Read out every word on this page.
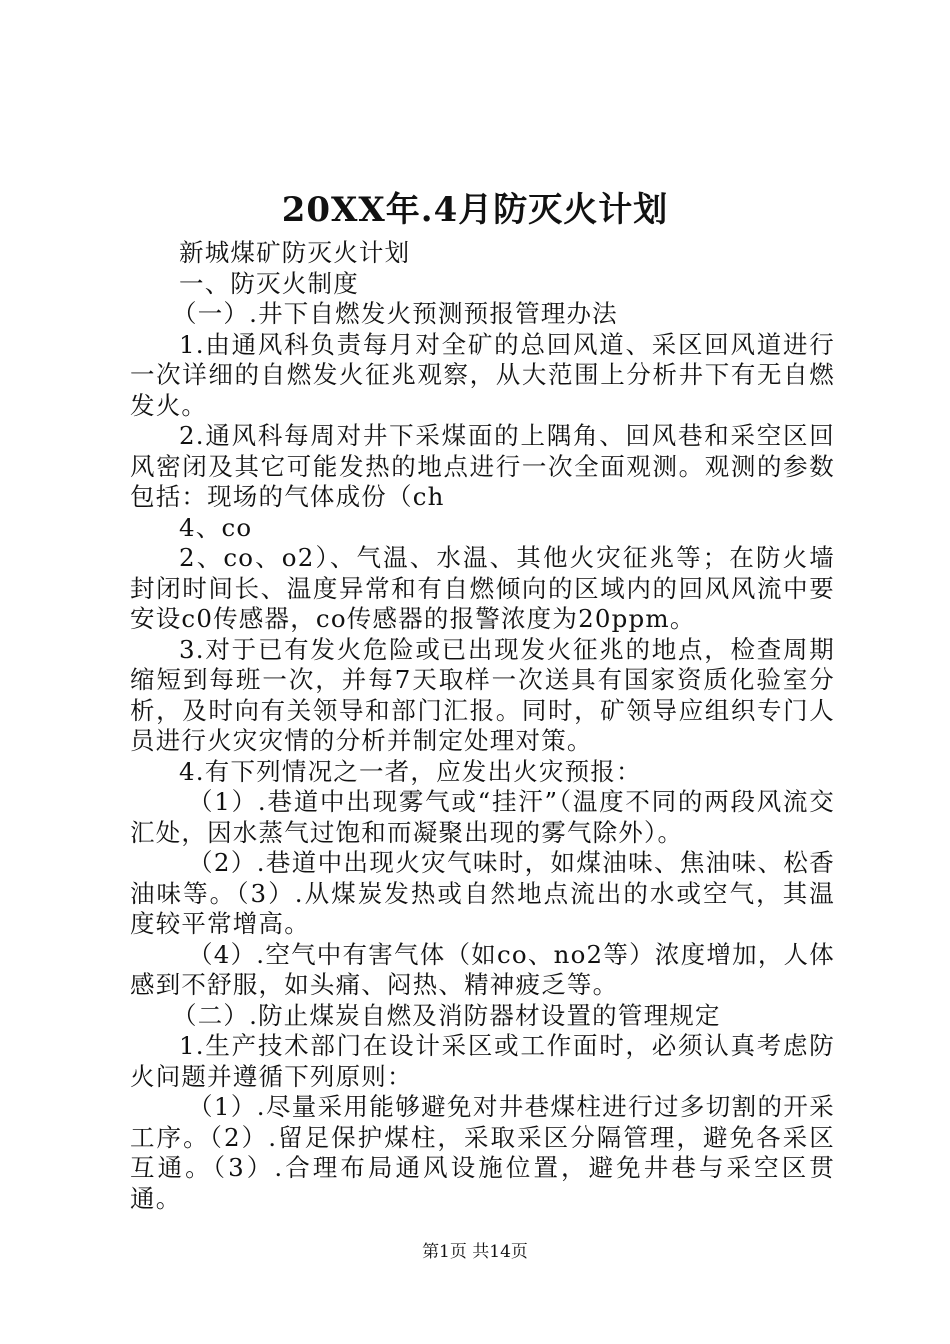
20XX年.4月防灭火计划

新城煤矿防灭火计划

一、防灭火制度

（一）.井下自燃发火预测预报管理办法

1.由通风科负责每月对全矿的总回风道、采区回风道进行一次详细的自燃发火征兆观察，从大范围上分析井下有无自燃发火。

2.通风科每周对井下采煤面的上隅角、回风巷和采空区回风密闭及其它可能发热的地点进行一次全面观测。观测的参数包括：现场的气体成份（ch

4、co

2、co、o2）、气温、水温、其他火灾征兆等；在防火墙封闭时间长、温度异常和有自燃倾向的区域内的回风风流中要安设c0传感器，co传感器的报警浓度为20ppm。

3.对于已有发火危险或已出现发火征兆的地点，检查周期缩短到每班一次，并每7天取样一次送具有国家资质化验室分析，及时向有关领导和部门汇报。同时，矿领导应组织专门人员进行火灾灾情的分析并制定处理对策。

4.有下列情况之一者，应发出火灾预报：

（1）.巷道中出现雾气或“挂汗”（温度不同的两段风流交汇处，因水蒸气过饱和而凝聚出现的雾气除外）。

（2）.巷道中出现火灾气味时，如煤油味、焦油味、松香油味等。（3）.从煤炭发热或自然地点流出的水或空气，其温度较平常增高。

（4）.空气中有害气体（如co、no2等）浓度增加，人体感到不舒服，如头痛、闷热、精神疲乏等。

（二）.防止煤炭自燃及消防器材设置的管理规定

1.生产技术部门在设计采区或工作面时，必须认真考虑防火问题并遵循下列原则：

（1）.尽量采用能够避免对井巷煤柱进行过多切割的开采工序。（2）.留足保护煤柱，采取采区分隔管理，避免各采区互通。（3）.合理布局通风设施位置，避免井巷与采空区贯通。

第1页 共14页
